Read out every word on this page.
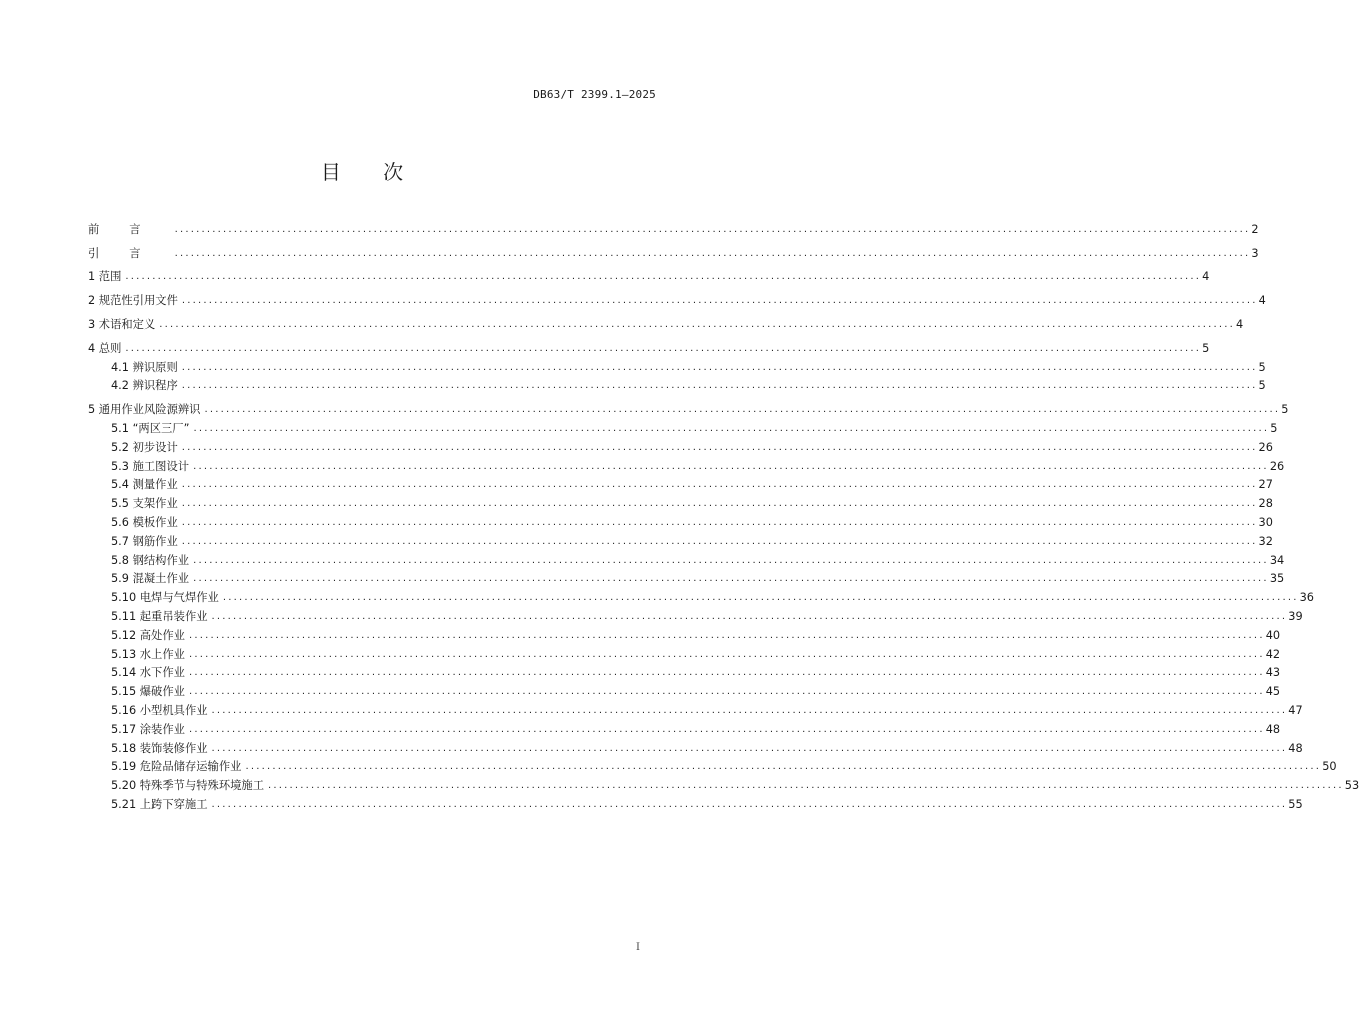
DB63/T 2399.1—2025
目 次
前言 ........................................................................................................................................................................................................ 2
引言 ........................................................................................................................................................................................................ 3
1
范围 ........................................................................................................................................................................................................ 4
2
规范性引用文件 ........................................................................................................................................................................................................ 4
3
术语和定义 ........................................................................................................................................................................................................ 4
4
总则 ........................................................................................................................................................................................................ 5
4.1
辨识原则 ........................................................................................................................................................................................................ 5
4.2
辨识程序 ........................................................................................................................................................................................................ 5
5
通用作业风险源辨识 ........................................................................................................................................................................................................ 5
5.1
“两区三厂” ........................................................................................................................................................................................................ 5
5.2
初步设计 ........................................................................................................................................................................................................ 26
5.3
施工图设计 ........................................................................................................................................................................................................ 26
5.4
测量作业 ........................................................................................................................................................................................................ 27
5.5
支架作业 ........................................................................................................................................................................................................ 28
5.6
模板作业 ........................................................................................................................................................................................................ 30
5.7
钢筋作业 ........................................................................................................................................................................................................ 32
5.8
钢结构作业 ........................................................................................................................................................................................................ 34
5.9
混凝土作业 ........................................................................................................................................................................................................ 35
5.10
电焊与气焊作业 ........................................................................................................................................................................................................ 36
5.11
起重吊装作业 ........................................................................................................................................................................................................ 39
5.12
高处作业 ........................................................................................................................................................................................................ 40
5.13
水上作业 ........................................................................................................................................................................................................ 42
5.14
水下作业 ........................................................................................................................................................................................................ 43
5.15
爆破作业 ........................................................................................................................................................................................................ 45
5.16
小型机具作业 ........................................................................................................................................................................................................ 47
5.17
涂装作业 ........................................................................................................................................................................................................ 48
5.18
装饰装修作业 ........................................................................................................................................................................................................ 48
5.19
危险品储存运输作业 ........................................................................................................................................................................................................ 50
5.20
特殊季节与特殊环境施工 ........................................................................................................................................................................................................ 53
5.21
上跨下穿施工 ........................................................................................................................................................................................................ 55
I
